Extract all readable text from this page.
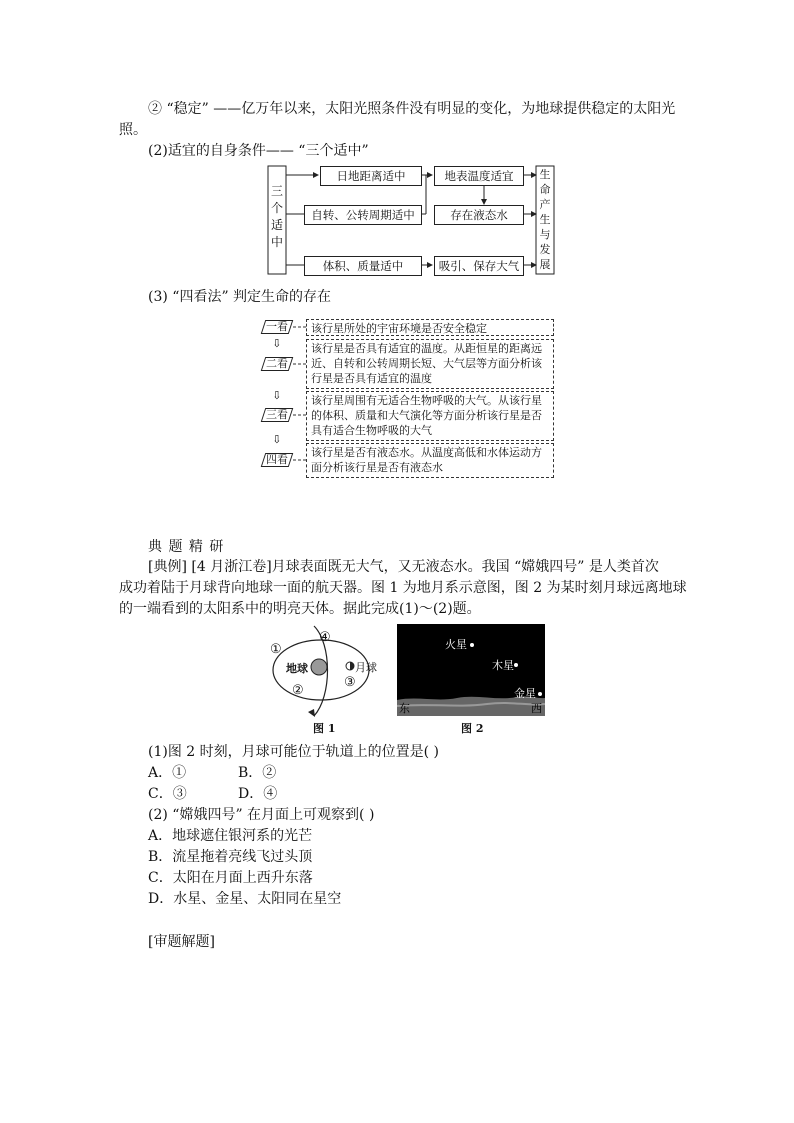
② “稳定” ——亿万年以来，太阳光照条件没有明显的变化，为地球提供稳定的太阳光
照。
(2)适宜的自身条件—— “三个适中”
三个适中
生命产生与发展
日地距离适中
自转、公转周期适中
体积、质量适中
地表温度适宜
存在液态水
吸引、保存大气
(3) “四看法” 判定生命的存在
一看
⇩
二看
⇩
三看
⇩
四看
该行星所处的宇宙环境是否安全稳定
该行星是否具有适宜的温度。从距恒星的距离远近、自转和公转周期长短、大气层等方面分析该行星是否具有适宜的温度
该行星周围有无适合生物呼吸的大气。从该行星的体积、质量和大气演化等方面分析该行星是否具有适合生物呼吸的大气
该行星是否有液态水。从温度高低和水体运动方面分析该行星是否有液态水
典 题 精 研
[典例] [4 月浙江卷]月球表面既无大气，又无液态水。我国 “嫦娥四号” 是人类首次
成功着陆于月球背向地球一面的航天器。图 1 为地月系示意图，图 2 为某时刻月球远离地球
的一端看到的太阳系中的明亮天体。据此完成(1)～(2)题。
地球	月球
①
②
③
④
图 1
火星
木星
金星
东	西
图 2
(1)图 2 时刻，月球可能位于轨道上的位置是( )
A．①	B．②
C．③	D．④
(2) “嫦娥四号” 在月面上可观察到( )
A．地球遮住银河系的光芒
B．流星拖着亮线飞过头顶
C．太阳在月面上西升东落
D．水星、金星、太阳同在星空
[审题解题]
